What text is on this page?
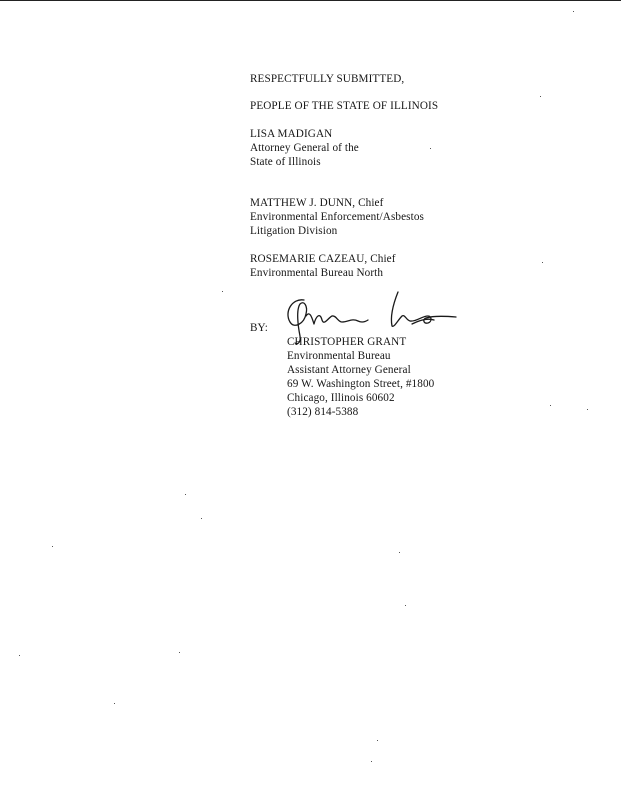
RESPECTFULLY SUBMITTED,
PEOPLE OF THE STATE OF ILLINOIS
LISA MADIGAN
Attorney General of the
State of Illinois
MATTHEW J. DUNN, Chief
Environmental Enforcement/Asbestos
Litigation Division
ROSEMARIE CAZEAU, Chief
Environmental Bureau North
BY:
CHRISTOPHER GRANT
Environmental Bureau
Assistant Attorney General
69 W. Washington Street, #1800
Chicago, Illinois 60602
(312) 814-5388
